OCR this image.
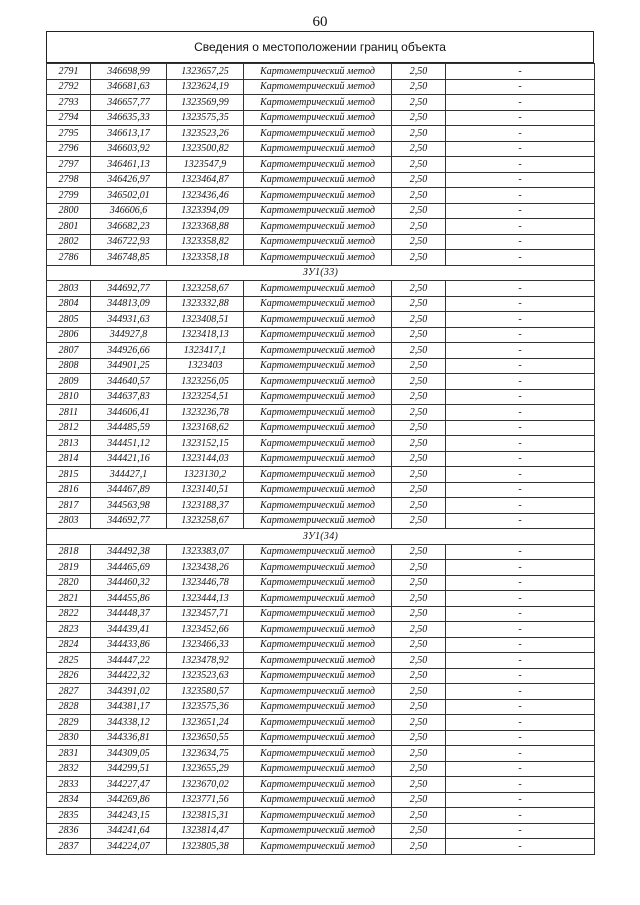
60
Сведения о местоположении границ объекта
2791	346698,99	1323657,25	Картометрический метод	2,50	-
2792	346681,63	1323624,19	Картометрический метод	2,50	-
2793	346657,77	1323569,99	Картометрический метод	2,50	-
2794	346635,33	1323575,35	Картометрический метод	2,50	-
2795	346613,17	1323523,26	Картометрический метод	2,50	-
2796	346603,92	1323500,82	Картометрический метод	2,50	-
2797	346461,13	1323547,9	Картометрический метод	2,50	-
2798	346426,97	1323464,87	Картометрический метод	2,50	-
2799	346502,01	1323436,46	Картометрический метод	2,50	-
2800	346606,6	1323394,09	Картометрический метод	2,50	-
2801	346682,23	1323368,88	Картометрический метод	2,50	-
2802	346722,93	1323358,82	Картометрический метод	2,50	-
2786	346748,85	1323358,18	Картометрический метод	2,50	-
ЗУ1(33)					
2803	344692,77	1323258,67	Картометрический метод	2,50	-
2804	344813,09	1323332,88	Картометрический метод	2,50	-
2805	344931,63	1323408,51	Картометрический метод	2,50	-
2806	344927,8	1323418,13	Картометрический метод	2,50	-
2807	344926,66	1323417,1	Картометрический метод	2,50	-
2808	344901,25	1323403	Картометрический метод	2,50	-
2809	344640,57	1323256,05	Картометрический метод	2,50	-
2810	344637,83	1323254,51	Картометрический метод	2,50	-
2811	344606,41	1323236,78	Картометрический метод	2,50	-
2812	344485,59	1323168,62	Картометрический метод	2,50	-
2813	344451,12	1323152,15	Картометрический метод	2,50	-
2814	344421,16	1323144,03	Картометрический метод	2,50	-
2815	344427,1	1323130,2	Картометрический метод	2,50	-
2816	344467,89	1323140,51	Картометрический метод	2,50	-
2817	344563,98	1323188,37	Картометрический метод	2,50	-
2803	344692,77	1323258,67	Картометрический метод	2,50	-
ЗУ1(34)					
2818	344492,38	1323383,07	Картометрический метод	2,50	-
2819	344465,69	1323438,26	Картометрический метод	2,50	-
2820	344460,32	1323446,78	Картометрический метод	2,50	-
2821	344455,86	1323444,13	Картометрический метод	2,50	-
2822	344448,37	1323457,71	Картометрический метод	2,50	-
2823	344439,41	1323452,66	Картометрический метод	2,50	-
2824	344433,86	1323466,33	Картометрический метод	2,50	-
2825	344447,22	1323478,92	Картометрический метод	2,50	-
2826	344422,32	1323523,63	Картометрический метод	2,50	-
2827	344391,02	1323580,57	Картометрический метод	2,50	-
2828	344381,17	1323575,36	Картометрический метод	2,50	-
2829	344338,12	1323651,24	Картометрический метод	2,50	-
2830	344336,81	1323650,55	Картометрический метод	2,50	-
2831	344309,05	1323634,75	Картометрический метод	2,50	-
2832	344299,51	1323655,29	Картометрический метод	2,50	-
2833	344227,47	1323670,02	Картометрический метод	2,50	-
2834	344269,86	1323771,56	Картометрический метод	2,50	-
2835	344243,15	1323815,31	Картометрический метод	2,50	-
2836	344241,64	1323814,47	Картометрический метод	2,50	-
2837	344224,07	1323805,38	Картометрический метод	2,50	-
